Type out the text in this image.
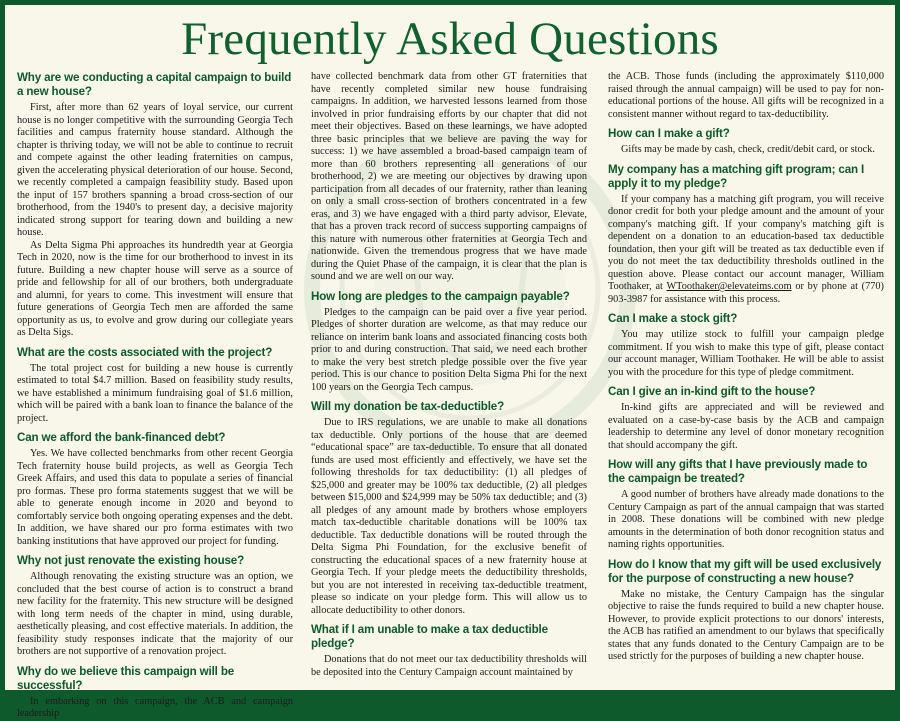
Frequently Asked Questions
Why are we conducting a capital campaign to build a new house?

First, after more than 62 years of loyal service, our current house is no longer competitive with the surrounding Georgia Tech facilities and campus fraternity house standard. Although the chapter is thriving today, we will not be able to continue to recruit and compete against the other leading fraternities on campus, given the accelerating physical deterioration of our house. Second, we recently completed a campaign feasibility study. Based upon the input of 157 brothers spanning a broad cross-section of our brotherhood, from the 1940's to present day, a decisive majority indicated strong support for tearing down and building a new house.

As Delta Sigma Phi approaches its hundredth year at Georgia Tech in 2020, now is the time for our brotherhood to invest in its future. Building a new chapter house will serve as a source of pride and fellowship for all of our brothers, both undergraduate and alumni, for years to come. This investment will ensure that future generations of Georgia Tech men are afforded the same opportunity as us, to evolve and grow during our collegiate years as Delta Sigs.

What are the costs associated with the project?

The total project cost for building a new house is currently estimated to total $4.7 million. Based on feasibility study results, we have established a minimum fundraising goal of $1.6 million, which will be paired with a bank loan to finance the balance of the project.

Can we afford the bank-financed debt?

Yes. We have collected benchmarks from other recent Georgia Tech fraternity house build projects, as well as Georgia Tech Greek Affairs, and used this data to populate a series of financial pro formas. These pro forma statements suggest that we will be able to generate enough income in 2020 and beyond to comfortably service both ongoing operating expenses and the debt. In addition, we have shared our pro forma estimates with two banking institutions that have approved our project for funding.

Why not just renovate the existing house?

Although renovating the existing structure was an option, we concluded that the best course of action is to construct a brand new facility for the fraternity. This new structure will be designed with long term needs of the chapter in mind, using durable, aesthetically pleasing, and cost effective materials. In addition, the feasibility study responses indicate that the majority of our brothers are not supportive of a renovation project.

Why do we believe this campaign will be successful?

In embarking on this campaign, the ACB and campaign leadership

have collected benchmark data from other GT fraternities that have recently completed similar new house fundraising campaigns. In addition, we harvested lessons learned from those involved in prior fundraising efforts by our chapter that did not meet their objectives. Based on these learnings, we have adopted three basic principles that we believe are paving the way for success: 1) we have assembled a broad-based campaign team of more than 60 brothers representing all generations of our brotherhood, 2) we are meeting our objectives by drawing upon participation from all decades of our fraternity, rather than leaning on only a small cross-section of brothers concentrated in a few eras, and 3) we have engaged with a third party advisor, Elevate, that has a proven track record of success supporting campaigns of this nature with numerous other fraternities at Georgia Tech and nationwide. Given the tremendous progress that we have made during the Quiet Phase of the campaign, it is clear that the plan is sound and we are well on our way.

How long are pledges to the campaign payable?

Pledges to the campaign can be paid over a five year period. Pledges of shorter duration are welcome, as that may reduce our reliance on interim bank loans and associated financing costs both prior to and during construction. That said, we need each brother to make the very best stretch pledge possible over the five year period. This is our chance to position Delta Sigma Phi for the next 100 years on the Georgia Tech campus.

Will my donation be tax-deductible?

Due to IRS regulations, we are unable to make all donations tax deductible. Only portions of the house that are deemed “educational space” are tax-deductible. To ensure that all donated funds are used most efficiently and effectively, we have set the following thresholds for tax deductibility: (1) all pledges of $25,000 and greater may be 100% tax deductible, (2) all pledges between $15,000 and $24,999 may be 50% tax deductible; and (3) all pledges of any amount made by brothers whose employers match tax-deductible charitable donations will be 100% tax deductible. Tax deductible donations will be routed through the Delta Sigma Phi Foundation, for the exclusive benefit of constructing the educational spaces of a new fraternity house at Georgia Tech. If your pledge meets the deductibility thresholds, but you are not interested in receiving tax-deductible treatment, please so indicate on your pledge form. This will allow us to allocate deductibility to other donors.

What if I am unable to make a tax deductible pledge?

Donations that do not meet our tax deductibility thresholds will be deposited into the Century Campaign account maintained by

the ACB. Those funds (including the approximately $110,000 raised through the annual campaign) will be used to pay for non-educational portions of the house. All gifts will be recognized in a consistent manner without regard to tax-deductibility.

How can I make a gift?

Gifts may be made by cash, check, credit/debit card, or stock.

My company has a matching gift program; can I apply it to my pledge?

If your company has a matching gift program, you will receive donor credit for both your pledge amount and the amount of your company's matching gift. If your company's matching gift is dependent on a donation to an education-based tax deductible foundation, then your gift will be treated as tax deductible even if you do not meet the tax deductibility thresholds outlined in the question above. Please contact our account manager, William Toothaker, at WToothaker@elevateims.com or by phone at (770) 903-3987 for assistance with this process.

Can I make a stock gift?

You may utilize stock to fulfill your campaign pledge commitment. If you wish to make this type of gift, please contact our account manager, William Toothaker. He will be able to assist you with the procedure for this type of pledge commitment.

Can I give an in-kind gift to the house?

In-kind gifts are appreciated and will be reviewed and evaluated on a case-by-case basis by the ACB and campaign leadership to determine any level of donor monetary recognition that should accompany the gift.

How will any gifts that I have previously made to the campaign be treated?

A good number of brothers have already made donations to the Century Campaign as part of the annual campaign that was started in 2008. These donations will be combined with new pledge amounts in the determination of both donor recognition status and naming rights opportunities.

How do I know that my gift will be used exclusively for the purpose of constructing a new house?

Make no mistake, the Century Campaign has the singular objective to raise the funds required to build a new chapter house. However, to provide explicit protections to our donors' interests, the ACB has ratified an amendment to our bylaws that specifically states that any funds donated to the Century Campaign are to be used strictly for the purposes of building a new chapter house.
